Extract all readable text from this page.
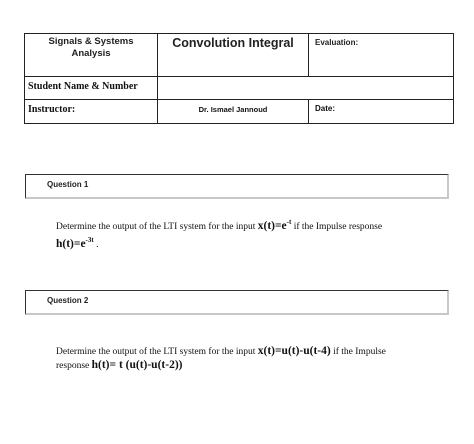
Signals & Systems
Analysis	Convolution Integral	Evaluation:

Student Name & Number		

Instructor:	Dr. Ismael Jannoud	Date:
Question 1
Determine the output of the LTI system for the input $x(t)=e^{-t}$ if the Impulse response
$h(t)=e^{-3t}$ .
Question 2
Determine the output of the LTI system for the input x(t)=u(t)-u(t-4) if the Impulse
response h(t)= t (u(t)-u(t-2))
